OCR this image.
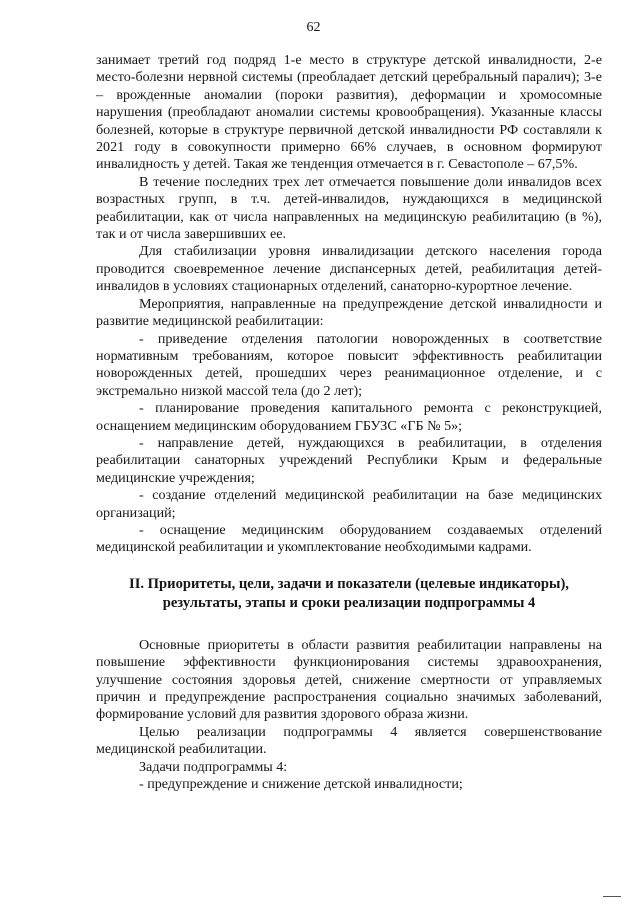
62

занимает третий год подряд 1-е место в структуре детской инвалидности, 2-е место-болезни нервной системы (преобладает детский церебральный паралич); 3-е – врожденные аномалии (пороки развития), деформации и хромосомные нарушения (преобладают аномалии системы кровообращения). Указанные классы болезней, которые в структуре первичной детской инвалидности РФ составляли к 2021 году в совокупности примерно 66% случаев, в основном формируют инвалидность у детей. Такая же тенденция отмечается в г. Севастополе – 67,5%.

В течение последних трех лет отмечается повышение доли инвалидов всех возрастных групп, в т.ч. детей-инвалидов, нуждающихся в медицинской реабилитации, как от числа направленных на медицинскую реабилитацию (в %), так и от числа завершивших ее.

Для стабилизации уровня инвалидизации детского населения города проводится своевременное лечение диспансерных детей, реабилитация детей-инвалидов в условиях стационарных отделений, санаторно-курортное лечение.

Мероприятия, направленные на предупреждение детской инвалидности и развитие медицинской реабилитации:

- приведение отделения патологии новорожденных в соответствие нормативным требованиям, которое повысит эффективность реабилитации новорожденных детей, прошедших через реанимационное отделение, и с экстремально низкой массой тела (до 2 лет);

- планирование проведения капитального ремонта с реконструкцией, оснащением медицинским оборудованием ГБУЗС «ГБ № 5»;

- направление детей, нуждающихся в реабилитации, в отделения реабилитации санаторных учреждений Республики Крым и федеральные медицинские учреждения;

- создание отделений медицинской реабилитации на базе медицинских организаций;

- оснащение медицинским оборудованием создаваемых отделений медицинской реабилитации и укомплектование необходимыми кадрами.

II. Приоритеты, цели, задачи и показатели (целевые индикаторы), результаты, этапы и сроки реализации подпрограммы 4

Основные приоритеты в области развития реабилитации направлены на повышение эффективности функционирования системы здравоохранения, улучшение состояния здоровья детей, снижение смертности от управляемых причин и предупреждение распространения социально значимых заболеваний, формирование условий для развития здорового образа жизни.

Целью реализации подпрограммы 4 является совершенствование медицинской реабилитации.

Задачи подпрограммы 4:

- предупреждение и снижение детской инвалидности;
